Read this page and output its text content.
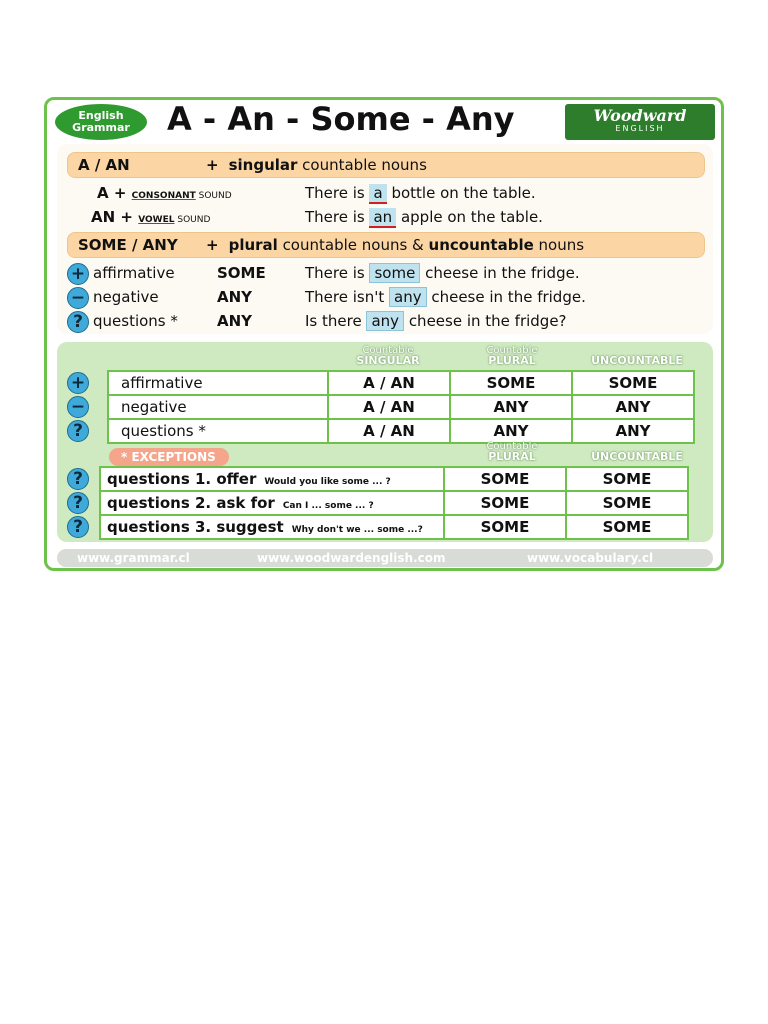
English
Grammar	A - An - Some - Any	Woodward
ENGLISH
A / AN	+ singular countable nouns
A + CONSONANT SOUND	There is a bottle on the table.
AN + VOWEL SOUND	There is an apple on the table.
SOME / ANY + plural countable nouns & uncountable nouns
+ affirmative	SOME	There is some cheese in the fridge.
− negative	ANY	There isn't any cheese in the fridge.
? questions *	ANY	Is there any cheese in the fridge?
Countable
SINGULAR
Countable
PLURAL	UNCOUNTABLE
+
−
?
affirmative	A / AN	SOME	SOME
negative	A / AN	ANY	ANY
questions *	A / AN	ANY	ANY
* EXCEPTIONS
Countable
PLURAL	UNCOUNTABLE
?
?
?
questions 1. offer Would you like some ... ?	SOME	SOME
questions 2. ask for Can I ... some ... ?	SOME	SOME
questions 3. suggest Why don't we ... some ...?	SOME	SOME
www.grammar.cl	www.woodwardenglish.com	www.vocabulary.cl
